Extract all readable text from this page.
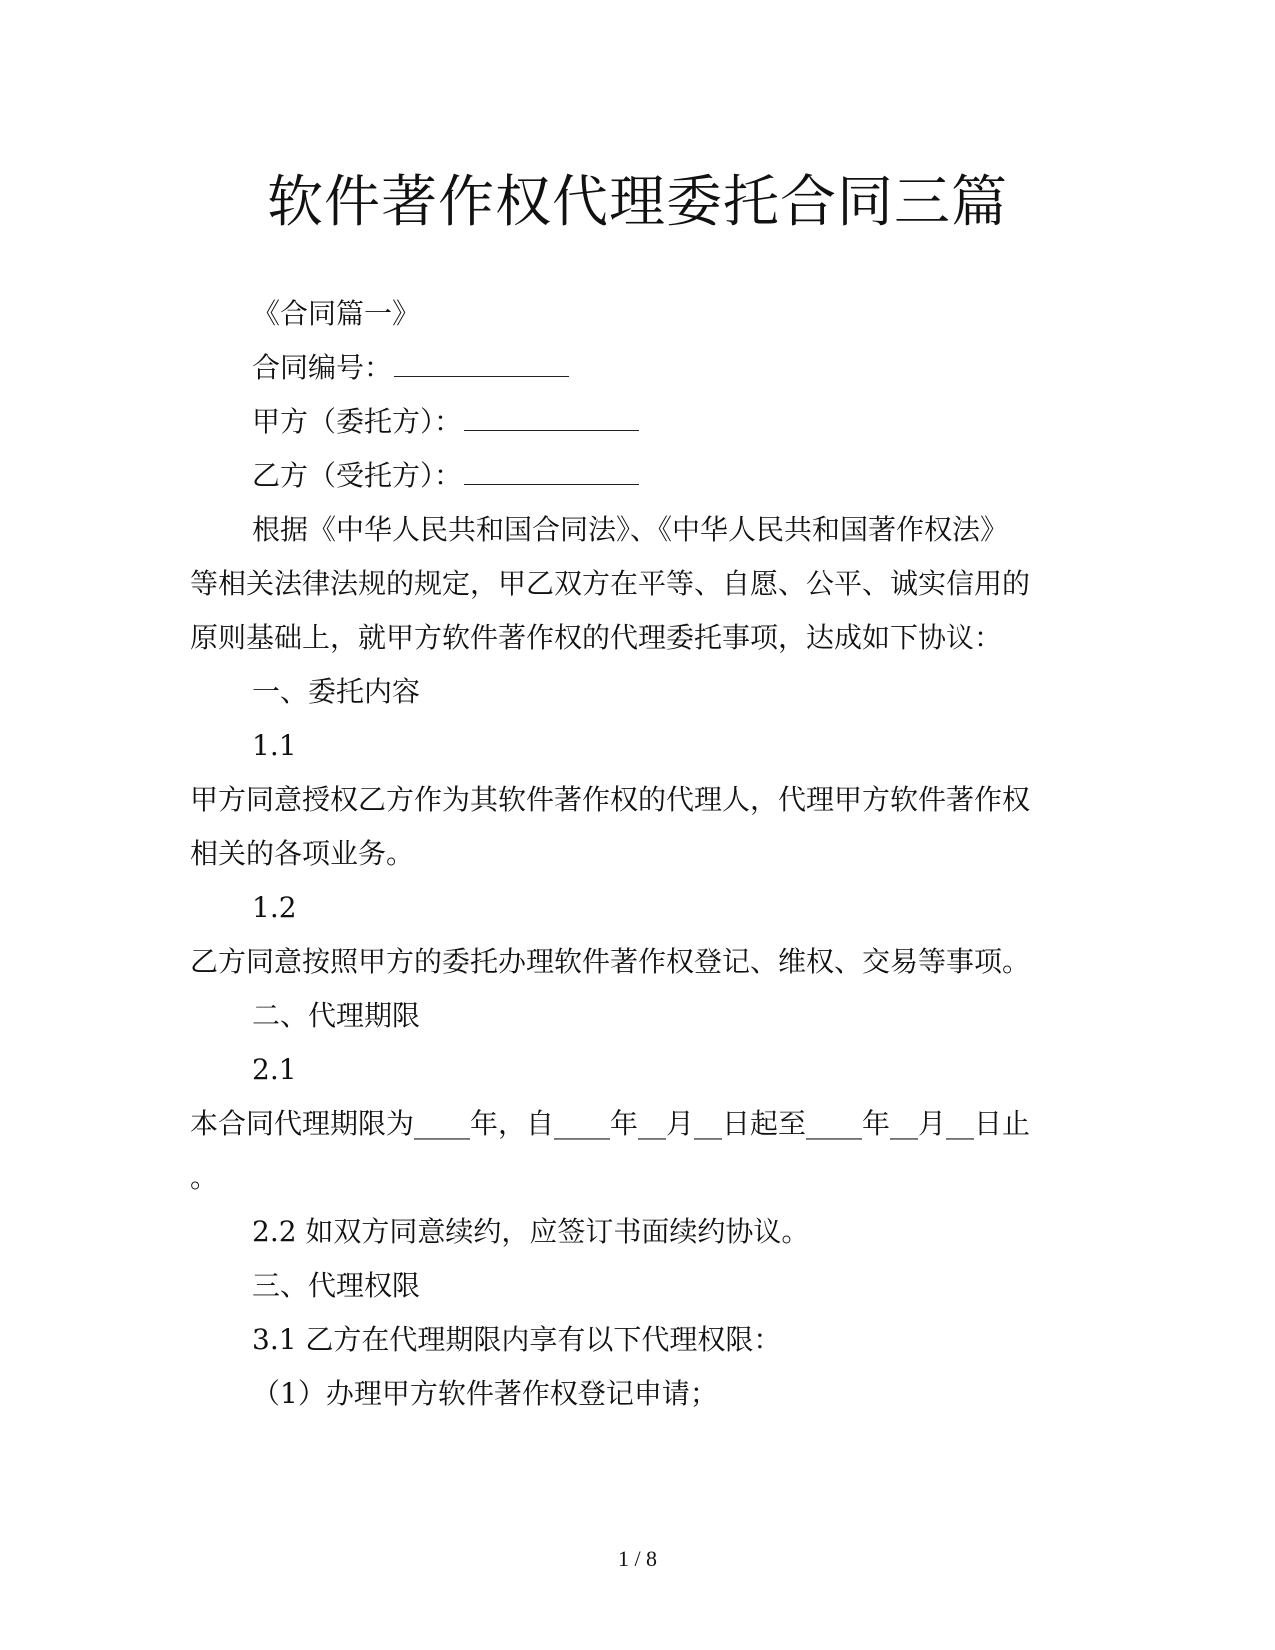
软件著作权代理委托合同三篇
《合同篇一》
合同编号：
甲方（委托方）：
乙方（受托方）：
根据《中华人民共和国合同法》、《中华人民共和国著作权法》
等相关法律法规的规定，甲乙双方在平等、自愿、公平、诚实信用的
原则基础上，就甲方软件著作权的代理委托事项，达成如下协议：
一、委托内容
1.1
甲方同意授权乙方作为其软件著作权的代理人，代理甲方软件著作权
相关的各项业务。
1.2
乙方同意按照甲方的委托办理软件著作权登记、维权、交易等事项。
二、代理期限
2.1
本合同代理期限为____年，自____年__月__日起至____年__月__日止
。
2.2 如双方同意续约，应签订书面续约协议。
三、代理权限
3.1 乙方在代理期限内享有以下代理权限：
（1）办理甲方软件著作权登记申请；
1 / 8
